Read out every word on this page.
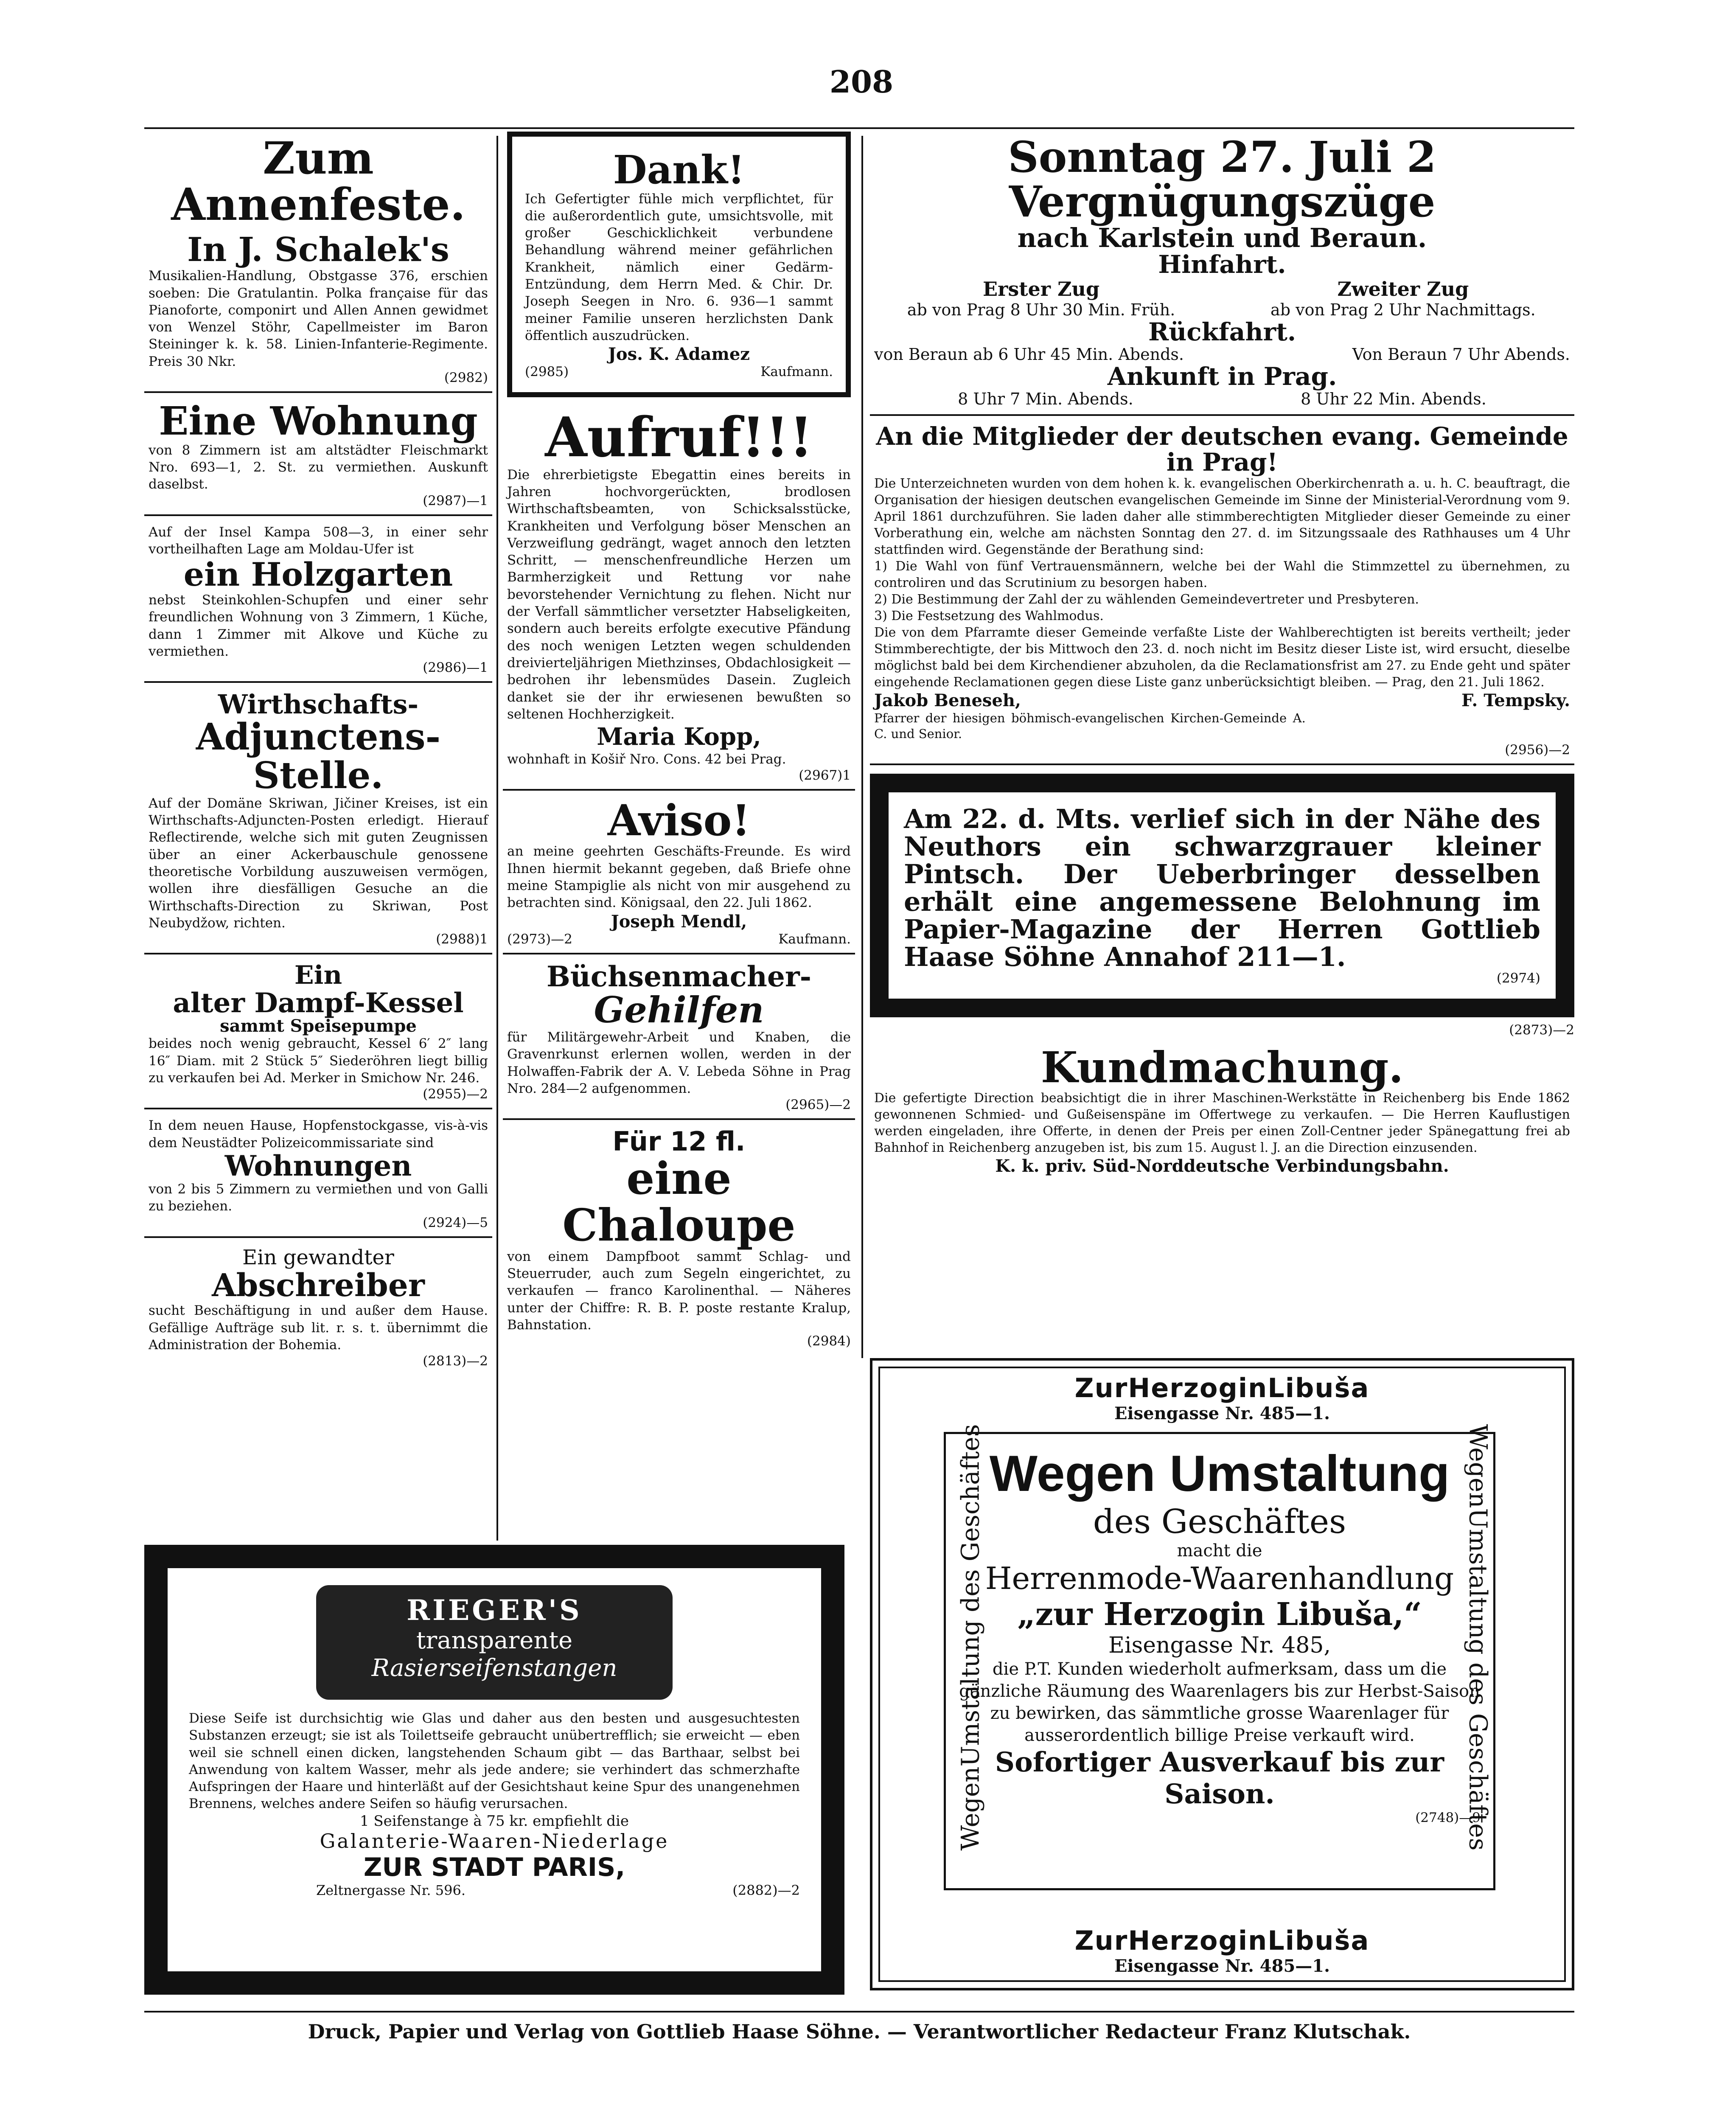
208
Zum Annenfeste.
In J. Schalek's
Musikalien-Handlung, Obstgasse 376, erschien soeben: Die Gratulantin. Polka française für das Pianoforte, componirt und Allen Annen gewidmet von Wenzel Stöhr, Capellmeister im Baron Steininger k. k. 58. Linien-Infanterie-Regimente. Preis 30 Nkr.
(2982)
Eine Wohnung
von 8 Zimmern ist am altstädter Fleischmarkt Nro. 693—1, 2. St. zu vermiethen. Auskunft daselbst.
(2987)—1
Auf der Insel Kampa 508—3, in einer sehr vortheilhaften Lage am Moldau-Ufer ist
ein Holzgarten
nebst Steinkohlen-Schupfen und einer sehr freundlichen Wohnung von 3 Zimmern, 1 Küche, dann 1 Zimmer mit Alkove und Küche zu vermiethen.
(2986)—1
Wirthschafts-
Adjunctens-Stelle.
Auf der Domäne Skriwan, Jičiner Kreises, ist ein Wirthschafts-Adjuncten-Posten erledigt. Hierauf Reflectirende, welche sich mit guten Zeugnissen über an einer Ackerbauschule genossene theoretische Vorbildung auszuweisen vermögen, wollen ihre diesfälligen Gesuche an die Wirthschafts-Direction zu Skriwan, Post Neubydžow, richten.
(2988)1
Ein
alter Dampf-Kessel
sammt Speisepumpe
beides noch wenig gebraucht, Kessel 6′ 2″ lang 16″ Diam. mit 2 Stück 5″ Siederöhren liegt billig zu verkaufen bei Ad. Merker in Smichow Nr. 246.
(2955)—2
In dem neuen Hause, Hopfenstockgasse, vis-à-vis dem Neustädter Polizeicommissariate sind
Wohnungen
von 2 bis 5 Zimmern zu vermiethen und von Galli zu beziehen.
(2924)—5
Ein gewandter
Abschreiber
sucht Beschäftigung in und außer dem Hause. Gefällige Aufträge sub lit. r. s. t. übernimmt die Administration der Bohemia.
(2813)—2
Dank!
Ich Gefertigter fühle mich verpflichtet, für die außerordentlich gute, umsichtsvolle, mit großer Geschicklichkeit verbundene Behandlung während meiner gefährlichen Krankheit, nämlich einer Gedärm-Entzündung, dem Herrn Med. & Chir. Dr. Joseph Seegen in Nro. 6. 936—1 sammt meiner Familie unseren herzlichsten Dank öffentlich auszudrücken.
Jos. K. Adamez
(2985)	Kaufmann.
Aufruf!!!
Die ehrerbietigste Ebegattin eines bereits in Jahren hochvorgerückten, brodlosen Wirthschaftsbeamten, von Schicksalsstücke, Krankheiten und Verfolgung böser Menschen an Verzweiflung gedrängt, waget annoch den letzten Schritt, — menschenfreundliche Herzen um Barmherzigkeit und Rettung vor nahe bevorstehender Vernichtung zu flehen. Nicht nur der Verfall sämmtlicher versetzter Habseligkeiten, sondern auch bereits erfolgte executive Pfändung des noch wenigen Letzten wegen schuldenden dreivierteljährigen Miethzinses, Obdachlosigkeit — bedrohen ihr lebensmüdes Dasein. Zugleich danket sie der ihr erwiesenen bewußten so seltenen Hochherzigkeit.
Maria Kopp,
wohnhaft in Košiř Nro. Cons. 42 bei Prag.
(2967)1
Aviso!
an meine geehrten Geschäfts-Freunde. Es wird Ihnen hiermit bekannt gegeben, daß Briefe ohne meine Stampiglie als nicht von mir ausgehend zu betrachten sind. Königsaal, den 22. Juli 1862.
Joseph Mendl,
(2973)—2	Kaufmann.
Büchsenmacher-
Gehilfen
für Militärgewehr-Arbeit und Knaben, die Gravenrkunst erlernen wollen, werden in der Holwaffen-Fabrik der A. V. Lebeda Söhne in Prag Nro. 284—2 aufgenommen.
(2965)—2
Für 12 fl.
eine Chaloupe
von einem Dampfboot sammt Schlag- und Steuerruder, auch zum Segeln eingerichtet, zu verkaufen — franco Karolinenthal. — Näheres unter der Chiffre: R. B. P. poste restante Kralup, Bahnstation.
(2984)
Sonntag 27. Juli 2 Vergnügungszüge
nach Karlstein und Beraun.
Hinfahrt.
Erster Zug
ab von Prag 8 Uhr 30 Min. Früh.
Zweiter Zug
ab von Prag 2 Uhr Nachmittags.
Rückfahrt.
von Beraun ab 6 Uhr 45 Min. Abends.	Von Beraun 7 Uhr Abends.
Ankunft in Prag.
8 Uhr 7 Min. Abends.	8 Uhr 22 Min. Abends.
An die Mitglieder der deutschen evang. Gemeinde
in Prag!
Die Unterzeichneten wurden von dem hohen k. k. evangelischen Oberkirchenrath a. u. h. C. beauftragt, die Organisation der hiesigen deutschen evangelischen Gemeinde im Sinne der Ministerial-Verordnung vom 9. April 1861 durchzuführen. Sie laden daher alle stimmberechtigten Mitglieder dieser Gemeinde zu einer Vorberathung ein, welche am nächsten Sonntag den 27. d. im Sitzungssaale des Rathhauses um 4 Uhr stattfinden wird. Gegenstände der Berathung sind:
1) Die Wahl von fünf Vertrauensmännern, welche bei der Wahl die Stimmzettel zu übernehmen, zu controliren und das Scrutinium zu besorgen haben.
2) Die Bestimmung der Zahl der zu wählenden Gemeindevertreter und Presbyteren.
3) Die Festsetzung des Wahlmodus.
Die von dem Pfarramte dieser Gemeinde verfaßte Liste der Wahlberechtigten ist bereits vertheilt; jeder Stimmberechtigte, der bis Mittwoch den 23. d. noch nicht im Besitz dieser Liste ist, wird ersucht, dieselbe möglichst bald bei dem Kirchendiener abzuholen, da die Reclamationsfrist am 27. zu Ende geht und später eingehende Reclamationen gegen diese Liste ganz unberücksichtigt bleiben. — Prag, den 21. Juli 1862.
Jakob Beneseh,
Pfarrer der hiesigen böhmisch-evangelischen Kirchen-Gemeinde A. C. und Senior.
F. Tempsky.
(2956)—2
Am 22. d. Mts. verlief sich in der Nähe des Neuthors ein schwarzgrauer kleiner Pintsch. Der Ueberbringer desselben erhält eine angemessene Belohnung im Papier-Magazine der Herren Gottlieb Haase Söhne Annahof 211—1.
(2974)
(2873)—2
Kundmachung.
Die gefertigte Direction beabsichtigt die in ihrer Maschinen-Werkstätte in Reichenberg bis Ende 1862 gewonnenen Schmied- und Gußeisenspäne im Offertwege zu verkaufen. — Die Herren Kauflustigen werden eingeladen, ihre Offerte, in denen der Preis per einen Zoll-Centner jeder Spänegattung frei ab Bahnhof in Reichenberg anzugeben ist, bis zum 15. August l. J. an die Direction einzusenden.
K. k. priv. Süd-Norddeutsche Verbindungsbahn.
RIEGER'S
transparente
Rasierseifenstangen
Diese Seife ist durchsichtig wie Glas und daher aus den besten und ausgesuchtesten Substanzen erzeugt; sie ist als Toilettseife gebraucht unübertrefflich; sie erweicht — eben weil sie schnell einen dicken, langstehenden Schaum gibt — das Barthaar, selbst bei Anwendung von kaltem Wasser, mehr als jede andere; sie verhindert das schmerzhafte Aufspringen der Haare und hinterläßt auf der Gesichtshaut keine Spur des unangenehmen Brennens, welches andere Seifen so häufig verursachen.
1 Seifenstange à 75 kr. empfiehlt die
Galanterie-Waaren-Niederlage
ZUR STADT PARIS,
Zeltnergasse Nr. 596.	(2882)—2
ZurHerzoginLibuša
Eisengasse Nr. 485—1.
WegenUmstaltung des Geschäftes	WegenUmstaltung des Geschäftes
Wegen Umstaltung
des Geschäftes
macht die
Herrenmode-Waarenhandlung
„zur Herzogin Libuša,“
Eisengasse Nr. 485,
die P.T. Kunden wiederholt aufmerksam, dass um die gänzliche Räumung des Waarenlagers bis zur Herbst-Saison zu bewirken, das sämmtliche grosse Waarenlager für ausserordentlich billige Preise verkauft wird.
Sofortiger Ausverkauf bis zur Saison.
(2748)—9
ZurHerzoginLibuša
Eisengasse Nr. 485—1.
Druck, Papier und Verlag von Gottlieb Haase Söhne. — Verantwortlicher Redacteur Franz Klutschak.
